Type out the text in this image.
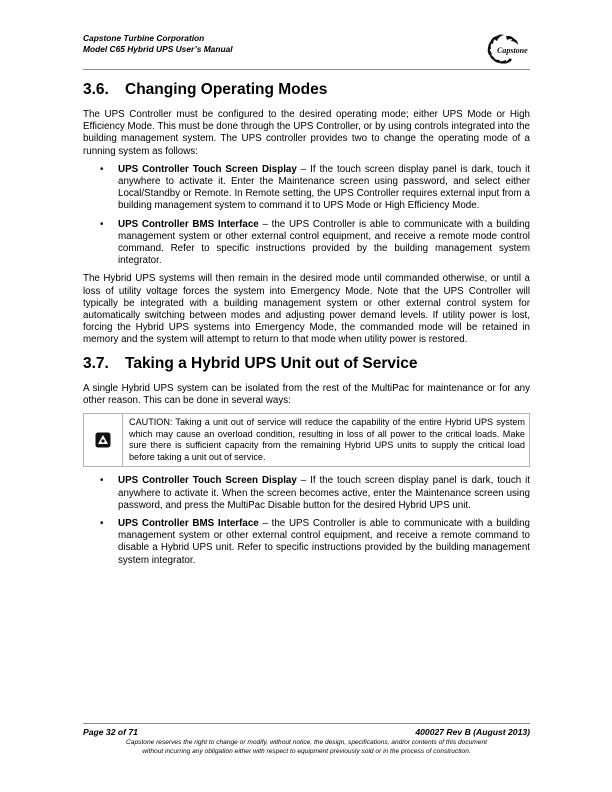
Capstone Turbine Corporation
Model C65 Hybrid UPS User’s Manual	Capstone
3.6. Changing Operating Modes

The UPS Controller must be configured to the desired operating mode; either UPS Mode or High Efficiency Mode. This must be done through the UPS Controller, or by using controls integrated into the building management system. The UPS controller provides two to change the operating mode of a running system as follows:

• UPS Controller Touch Screen Display – If the touch screen display panel is dark, touch it anywhere to activate it. Enter the Maintenance screen using password, and select either Local/Standby or Remote. In Remote setting, the UPS Controller requires external input from a building management system to command it to UPS Mode or High Efficiency Mode.
• UPS Controller BMS Interface – the UPS Controller is able to communicate with a building management system or other external control equipment, and receive a remote mode control command. Refer to specific instructions provided by the building management system integrator.

The Hybrid UPS systems will then remain in the desired mode until commanded otherwise, or until a loss of utility voltage forces the system into Emergency Mode. Note that the UPS Controller will typically be integrated with a building management system or other external control system for automatically switching between modes and adjusting power demand levels. If utility power is lost, forcing the Hybrid UPS systems into Emergency Mode, the commanded mode will be retained in memory and the system will attempt to return to that mode when utility power is restored.

3.7. Taking a Hybrid UPS Unit out of Service

A single Hybrid UPS system can be isolated from the rest of the MultiPac for maintenance or for any other reason. This can be done in several ways:

CAUTION: Taking a unit out of service will reduce the capability of the entire Hybrid UPS system which may cause an overload condition, resulting in loss of all power to the critical loads. Make sure there is sufficient capacity from the remaining Hybrid UPS units to supply the critical load before taking a unit out of service.
• UPS Controller Touch Screen Display – If the touch screen display panel is dark, touch it anywhere to activate it. When the screen becomes active, enter the Maintenance screen using password, and press the MultiPac Disable button for the desired Hybrid UPS unit.
• UPS Controller BMS Interface – the UPS Controller is able to communicate with a building management system or other external control equipment, and receive a remote command to disable a Hybrid UPS unit. Refer to specific instructions provided by the building management system integrator.
Page 32 of 71	400027 Rev B (August 2013)
Capstone reserves the right to change or modify, without notice, the design, specifications, and/or contents of this document
without incurring any obligation either with respect to equipment previously sold or in the process of construction.
